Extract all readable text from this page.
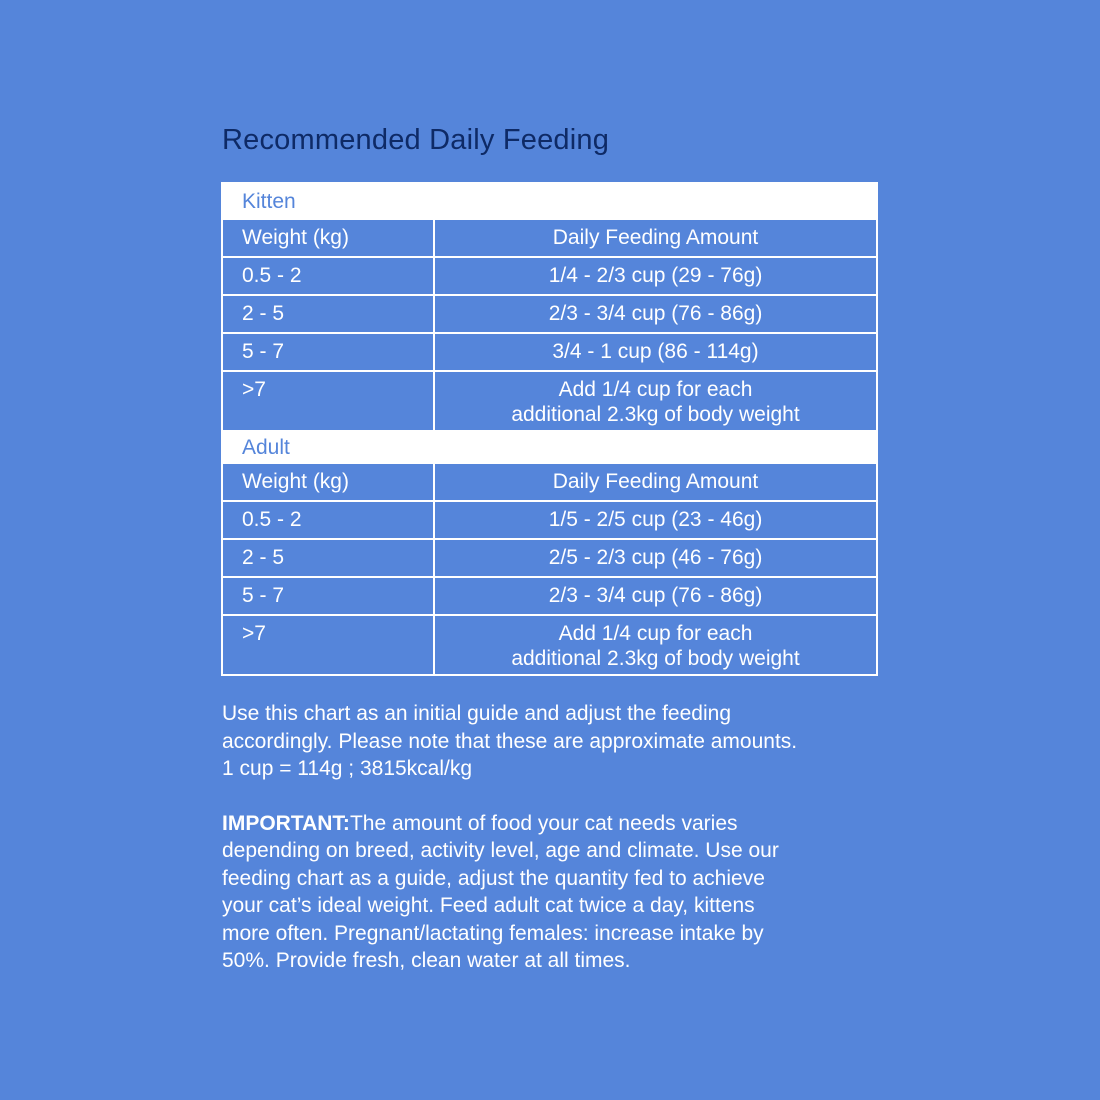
Recommended Daily Feeding
Kitten
Weight (kg)	Daily Feeding Amount
0.5 - 2	1/4 - 2/3 cup (29 - 76g)
2 - 5	2/3 - 3/4 cup (76 - 86g)
5 - 7	3/4 - 1 cup (86 - 114g)
>7	Add 1/4 cup for each
additional 2.3kg of body weight
Adult
Weight (kg)	Daily Feeding Amount
0.5 - 2	1/5 - 2/5 cup (23 - 46g)
2 - 5	2/5 - 2/3 cup (46 - 76g)
5 - 7	2/3 - 3/4 cup (76 - 86g)
>7	Add 1/4 cup for each
additional 2.3kg of body weight

Use this chart as an initial guide and adjust the feeding

accordingly. Please note that these are approximate amounts.

1 cup = 114g ; 3815kcal/kg

IMPORTANT:The amount of food your cat needs varies

depending on breed, activity level, age and climate. Use our

feeding chart as a guide, adjust the quantity fed to achieve

your cat’s ideal weight. Feed adult cat twice a day, kittens

more often. Pregnant/lactating females: increase intake by

50%. Provide fresh, clean water at all times.
